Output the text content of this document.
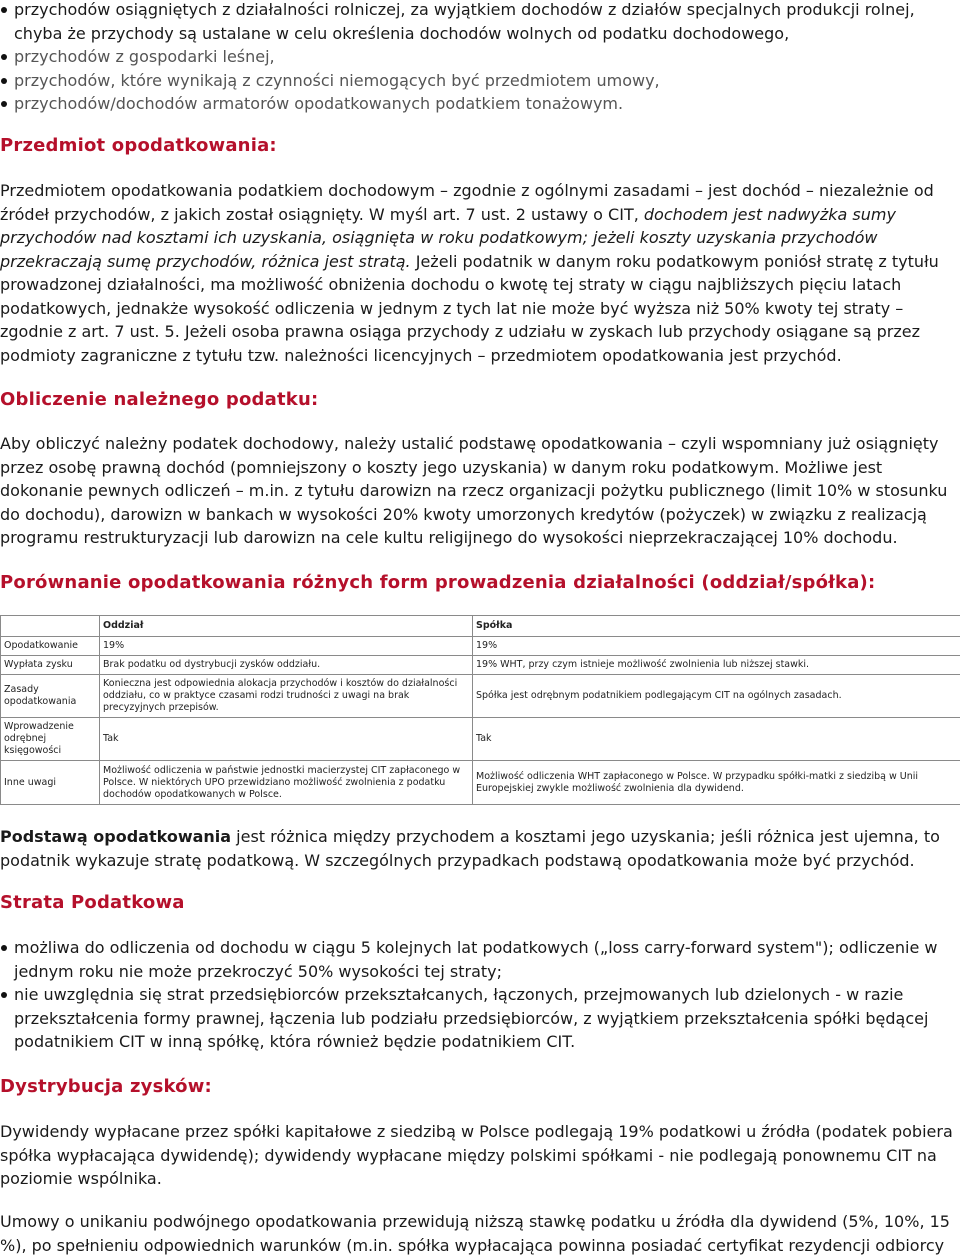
przychodów osiągniętych z działalności rolniczej, za wyjątkiem dochodów z działów specjalnych produkcji rolnej, chyba że przychody są ustalane w celu określenia dochodów wolnych od podatku dochodowego,
przychodów z gospodarki leśnej,
przychodów, które wynikają z czynności niemogących być przedmiotem umowy,
przychodów/dochodów armatorów opodatkowanych podatkiem tonażowym.
Przedmiot opodatkowania:

Przedmiotem opodatkowania podatkiem dochodowym – zgodnie z ogólnymi zasadami – jest dochód – niezależnie od źródeł przychodów, z jakich został osiągnięty. W myśl art. 7 ust. 2 ustawy o CIT, dochodem jest nadwyżka sumy przychodów nad kosztami ich uzyskania, osiągnięta w roku podatkowym; jeżeli koszty uzyskania przychodów przekraczają sumę przychodów, różnica jest stratą. Jeżeli podatnik w danym roku podatkowym poniósł stratę z tytułu prowadzonej działalności, ma możliwość obniżenia dochodu o kwotę tej straty w ciągu najbliższych pięciu latach podatkowych, jednakże wysokość odliczenia w jednym z tych lat nie może być wyższa niż 50% kwoty tej straty – zgodnie z art. 7 ust. 5. Jeżeli osoba prawna osiąga przychody z udziału w zyskach lub przychody osiągane są przez podmioty zagraniczne z tytułu tzw. należności licencyjnych – przedmiotem opodatkowania jest przychód.

Obliczenie należnego podatku:

Aby obliczyć należny podatek dochodowy, należy ustalić podstawę opodatkowania – czyli wspomniany już osiągnięty przez osobę prawną dochód (pomniejszony o koszty jego uzyskania) w danym roku podatkowym. Możliwe jest dokonanie pewnych odliczeń – m.in. z tytułu darowizn na rzecz organizacji pożytku publicznego (limit 10% w stosunku do dochodu), darowizn w bankach w wysokości 20% kwoty umorzonych kredytów (pożyczek) w związku z realizacją programu restrukturyzacji lub darowizn na cele kultu religijnego do wysokości nieprzekraczającej 10% dochodu.

Porównanie opodatkowania różnych form prowadzenia działalności (oddział/spółka):
	Oddział	Spółka
Opodatkowanie	19%	19%
Wypłata zysku	Brak podatku od dystrybucji zysków oddziału.	19% WHT, przy czym istnieje możliwość zwolnienia lub niższej stawki.
Zasady opodatkowania	Konieczna jest odpowiednia alokacja przychodów i kosztów do działalności oddziału, co w praktyce czasami rodzi trudności z uwagi na brak precyzyjnych przepisów.	Spółka jest odrębnym podatnikiem podlegającym CIT na ogólnych zasadach.
Wprowadzenie odrębnej księgowości	Tak	Tak
Inne uwagi	Możliwość odliczenia w państwie jednostki macierzystej CIT zapłaconego w Polsce. W niektórych UPO przewidziano możliwość zwolnienia z podatku dochodów opodatkowanych w Polsce.	Możliwość odliczenia WHT zapłaconego w Polsce. W przypadku spółki-matki z siedzibą w Unii Europejskiej zwykle możliwość zwolnienia dla dywidend.

Podstawą opodatkowania jest różnica między przychodem a kosztami jego uzyskania; jeśli różnica jest ujemna, to podatnik wykazuje stratę podatkową. W szczególnych przypadkach podstawą opodatkowania może być przychód.

Strata Podatkowa
możliwa do odliczenia od dochodu w ciągu 5 kolejnych lat podatkowych („loss carry-forward system"); odliczenie w jednym roku nie może przekroczyć 50% wysokości tej straty;
nie uwzględnia się strat przedsiębiorców przekształcanych, łączonych, przejmowanych lub dzielonych - w razie przekształcenia formy prawnej, łączenia lub podziału przedsiębiorców, z wyjątkiem przekształcenia spółki będącej podatnikiem CIT w inną spółkę, która również będzie podatnikiem CIT.
Dystrybucja zysków:

Dywidendy wypłacane przez spółki kapitałowe z siedzibą w Polsce podlegają 19% podatkowi u źródła (podatek pobiera spółka wypłacająca dywidendę); dywidendy wypłacane między polskimi spółkami - nie podlegają ponownemu CIT na poziomie wspólnika.

Umowy o unikaniu podwójnego opodatkowania przewidują niższą stawkę podatku u źródła dla dywidend (5%, 10%, 15 %), po spełnieniu odpowiednich warunków (m.in. spółka wypłacająca powinna posiadać certyfikat rezydencji odbiorcy
